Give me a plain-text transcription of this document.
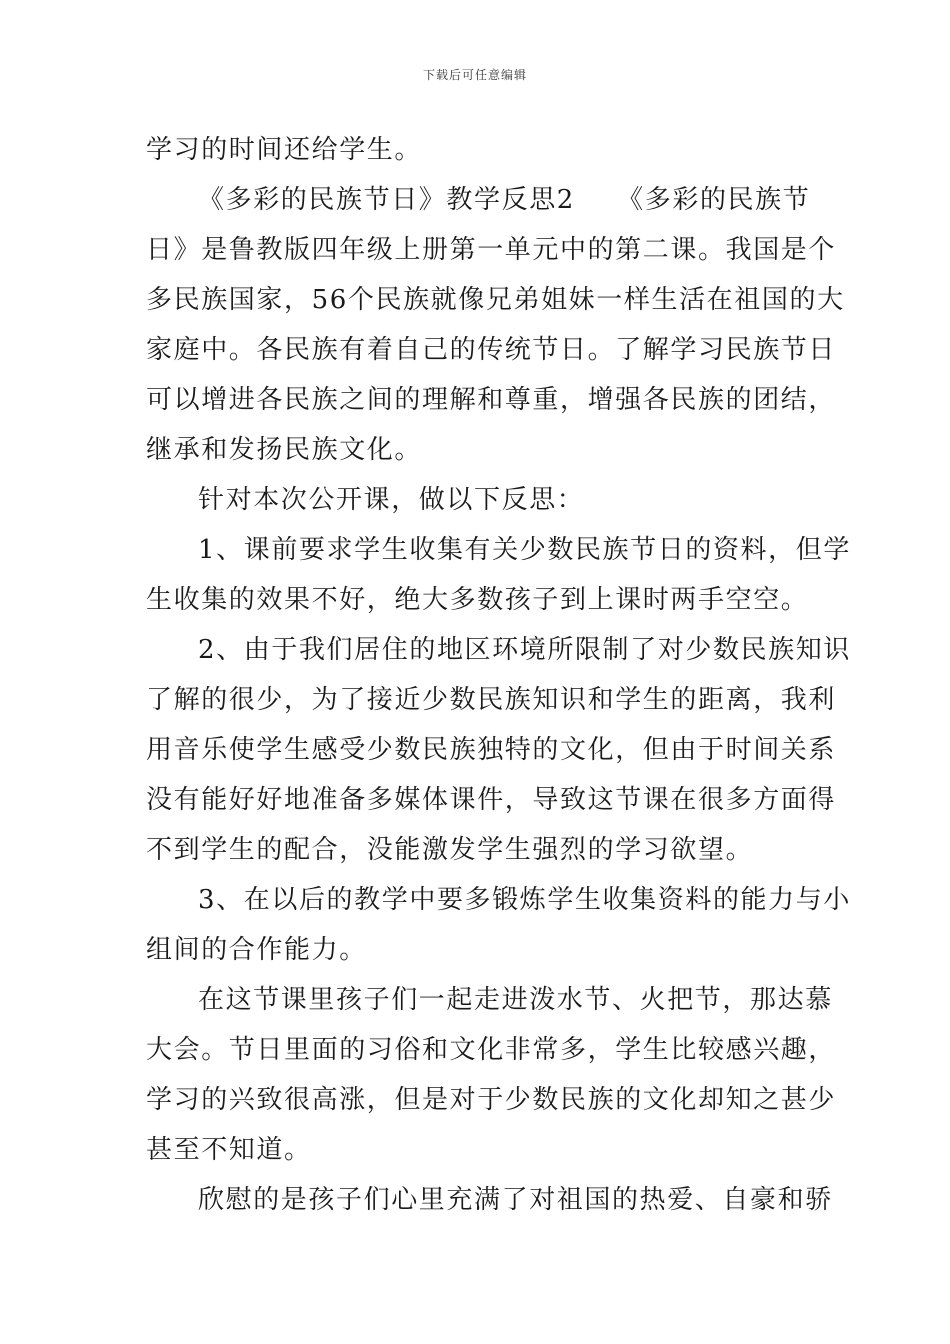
下载后可任意编辑
学习的时间还给学生。
《多彩的民族节日》教学反思2　　《多彩的民族节
日》是鲁教版四年级上册第一单元中的第二课。我国是个
多民族国家，56个民族就像兄弟姐妹一样生活在祖国的大
家庭中。各民族有着自己的传统节日。了解学习民族节日
可以增进各民族之间的理解和尊重，增强各民族的团结，
继承和发扬民族文化。
针对本次公开课，做以下反思：
1、课前要求学生收集有关少数民族节日的资料，但学
生收集的效果不好，绝大多数孩子到上课时两手空空。
2、由于我们居住的地区环境所限制了对少数民族知识
了解的很少，为了接近少数民族知识和学生的距离，我利
用音乐使学生感受少数民族独特的文化，但由于时间关系
没有能好好地准备多媒体课件，导致这节课在很多方面得
不到学生的配合，没能激发学生强烈的学习欲望。
3、在以后的教学中要多锻炼学生收集资料的能力与小
组间的合作能力。
在这节课里孩子们一起走进泼水节、火把节，那达慕
大会。节日里面的习俗和文化非常多，学生比较感兴趣，
学习的兴致很高涨，但是对于少数民族的文化却知之甚少
甚至不知道。
欣慰的是孩子们心里充满了对祖国的热爱、自豪和骄
